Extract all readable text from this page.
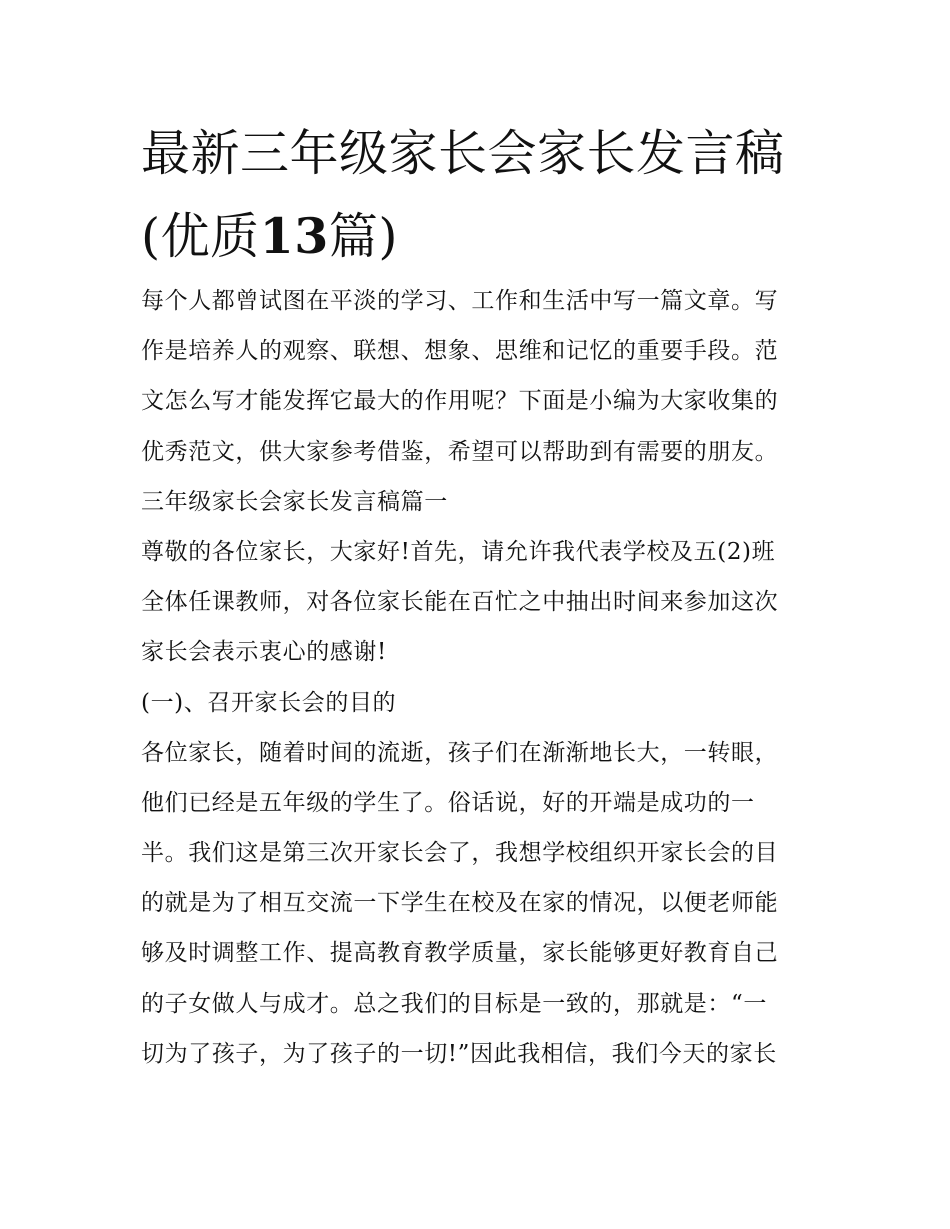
最新三年级家长会家长发言稿
(优质13篇)
每个人都曾试图在平淡的学习、工作和生活中写一篇文章。写
作是培养人的观察、联想、想象、思维和记忆的重要手段。范
文怎么写才能发挥它最大的作用呢？下面是小编为大家收集的
优秀范文，供大家参考借鉴，希望可以帮助到有需要的朋友。
三年级家长会家长发言稿篇一
尊敬的各位家长，大家好!首先，请允许我代表学校及五(2)班
全体任课教师，对各位家长能在百忙之中抽出时间来参加这次
家长会表示衷心的感谢!
(一)、召开家长会的目的
各位家长，随着时间的流逝，孩子们在渐渐地长大，一转眼，
他们已经是五年级的学生了。俗话说，好的开端是成功的一
半。我们这是第三次开家长会了，我想学校组织开家长会的目
的就是为了相互交流一下学生在校及在家的情况，以便老师能
够及时调整工作、提高教育教学质量，家长能够更好教育自己
的子女做人与成才。总之我们的目标是一致的，那就是：“一
切为了孩子，为了孩子的一切!”因此我相信，我们今天的家长
